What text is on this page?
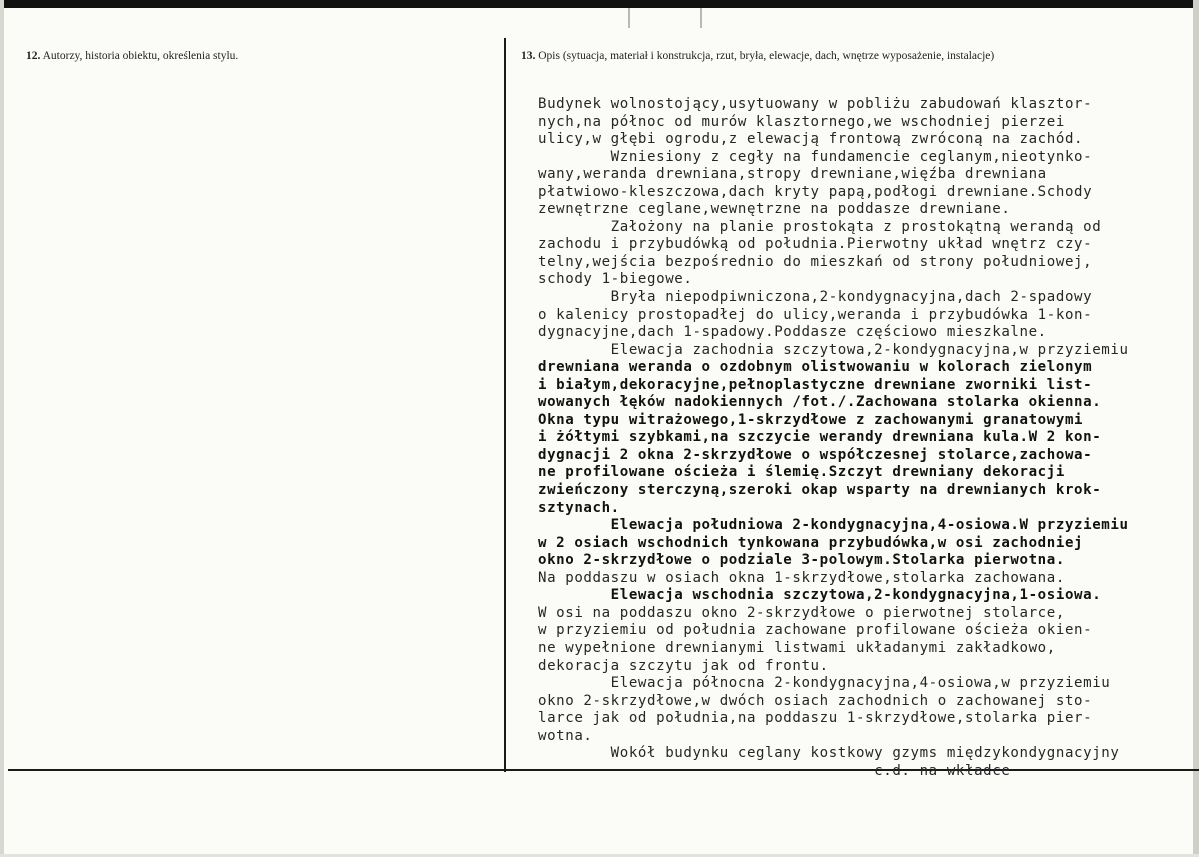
12. Autorzy, historia obiektu, określenia stylu.	13. Opis (sytuacja, materiał i konstrukcja, rzut, bryła, elewacje, dach, wnętrze wyposażenie, instalacje)
Budynek wolnostojący,usytuowany w pobliżu zabudowań klasztor-
nych,na północ od murów klasztornego,we wschodniej pierzei
ulicy,w głębi ogrodu,z elewacją frontową zwróconą na zachód.
Wzniesiony z cegły na fundamencie ceglanym,nieotynko-
wany,weranda drewniana,stropy drewniane,więźba drewniana
płatwiowo-kleszczowa,dach kryty papą,podłogi drewniane.Schody
zewnętrzne ceglane,wewnętrzne na poddasze drewniane.
Założony na planie prostokąta z prostokątną werandą od
zachodu i przybudówką od południa.Pierwotny układ wnętrz czy-
telny,wejścia bezpośrednio do mieszkań od strony południowej,
schody 1-biegowe.
Bryła niepodpiwniczona,2-kondygnacyjna,dach 2-spadowy
o kalenicy prostopadłej do ulicy,weranda i przybudówka 1-kon-
dygnacyjne,dach 1-spadowy.Poddasze częściowo mieszkalne.
Elewacja zachodnia szczytowa,2-kondygnacyjna,w przyziemiu
drewniana weranda o ozdobnym olistwowaniu w kolorach zielonym
i białym,dekoracyjne,pełnoplastyczne drewniane zworniki list-
wowanych łęków nadokiennych /fot./.Zachowana stolarka okienna.
Okna typu witrażowego,1-skrzydłowe z zachowanymi granatowymi
i żółtymi szybkami,na szczycie werandy drewniana kula.W 2 kon-
dygnacji 2 okna 2-skrzydłowe o współczesnej stolarce,zachowa-
ne profilowane ościeża i ślemię.Szczyt drewniany dekoracji
zwieńczony sterczyną,szeroki okap wsparty na drewnianych krok-
sztynach.
Elewacja południowa 2-kondygnacyjna,4-osiowa.W przyziemiu
w 2 osiach wschodnich tynkowana przybudówka,w osi zachodniej
okno 2-skrzydłowe o podziale 3-polowym.Stolarka pierwotna.
Na poddaszu w osiach okna 1-skrzydłowe,stolarka zachowana.
Elewacja wschodnia szczytowa,2-kondygnacyjna,1-osiowa.
W osi na poddaszu okno 2-skrzydłowe o pierwotnej stolarce,
w przyziemiu od południa zachowane profilowane ościeża okien-
ne wypełnione drewnianymi listwami układanymi zakładkowo,
dekoracja szczytu jak od frontu.
Elewacja północna 2-kondygnacyjna,4-osiowa,w przyziemiu
okno 2-skrzydłowe,w dwóch osiach zachodnich o zachowanej sto-
larce jak od południa,na poddaszu 1-skrzydłowe,stolarka pier-
wotna.
Wokół budynku ceglany kostkowy gzyms międzykondygnacyjny
c.d. na wkładce
